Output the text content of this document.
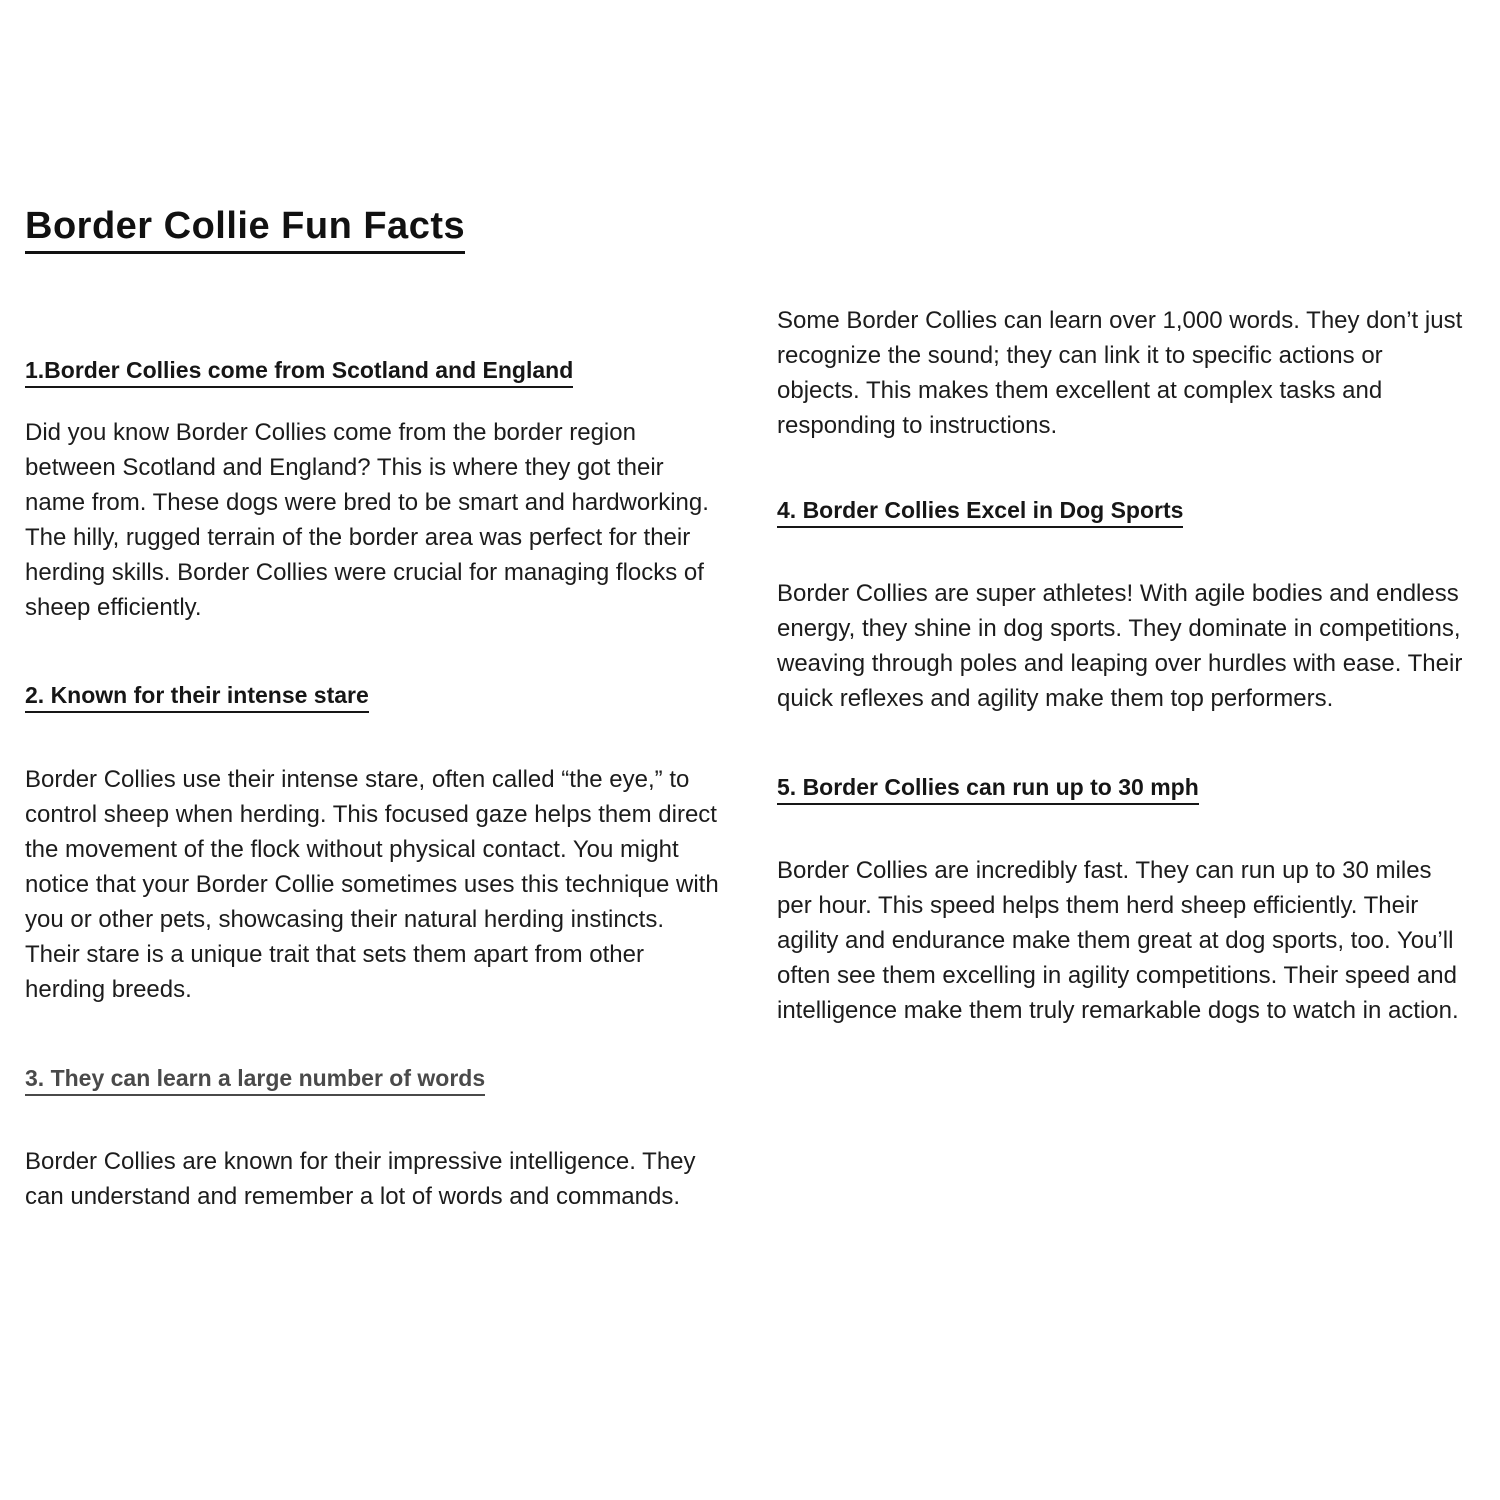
Border Collie Fun Facts
1.Border Collies come from Scotland and England

Did you know Border Collies come from the border region between Scotland and England? This is where they got their name from. These dogs were bred to be smart and hardworking. The hilly, rugged terrain of the border area was perfect for their herding skills. Border Collies were crucial for managing flocks of sheep efficiently.

2. Known for their intense stare

Border Collies use their intense stare, often called “the eye,” to control sheep when herding. This focused gaze helps them direct the movement of the flock without physical contact. You might notice that your Border Collie sometimes uses this technique with you or other pets, showcasing their natural herding instincts. Their stare is a unique trait that sets them apart from other herding breeds.

3. They can learn a large number of words

Border Collies are known for their impressive intelligence. They can understand and remember a lot of words and commands.

Some Border Collies can learn over 1,000 words. They don’t just recognize the sound; they can link it to specific actions or objects. This makes them excellent at complex tasks and responding to instructions.

4. Border Collies Excel in Dog Sports

Border Collies are super athletes! With agile bodies and endless energy, they shine in dog sports. They dominate in competitions, weaving through poles and leaping over hurdles with ease. Their quick reflexes and agility make them top performers.

5. Border Collies can run up to 30 mph

Border Collies are incredibly fast. They can run up to 30 miles per hour. This speed helps them herd sheep efficiently. Their agility and endurance make them great at dog sports, too. You’ll often see them excelling in agility competitions. Their speed and intelligence make them truly remarkable dogs to watch in action.
